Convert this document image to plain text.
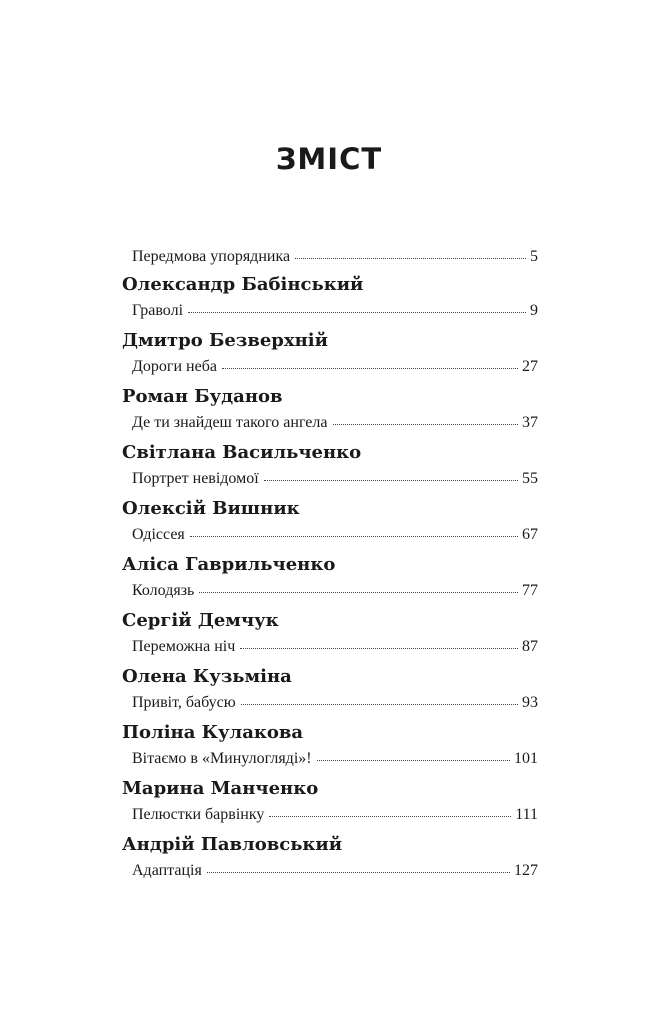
ЗМІСТ
Передмова упорядника	5
Олександр Бабінський
Граволі	9
Дмитро Безверхній
Дороги неба	27
Роман Буданов
Де ти знайдеш такого ангела	37
Світлана Васильченко
Портрет невідомої	55
Олексій Вишник
Одіссея	67
Аліса Гаврильченко
Колодязь	77
Сергій Демчук
Переможна ніч	87
Олена Кузьміна
Привіт, бабусю	93
Поліна Кулакова
Вітаємо в «Минулогляді»!	101
Марина Манченко
Пелюстки барвінку	111
Андрій Павловський
Адаптація	127
